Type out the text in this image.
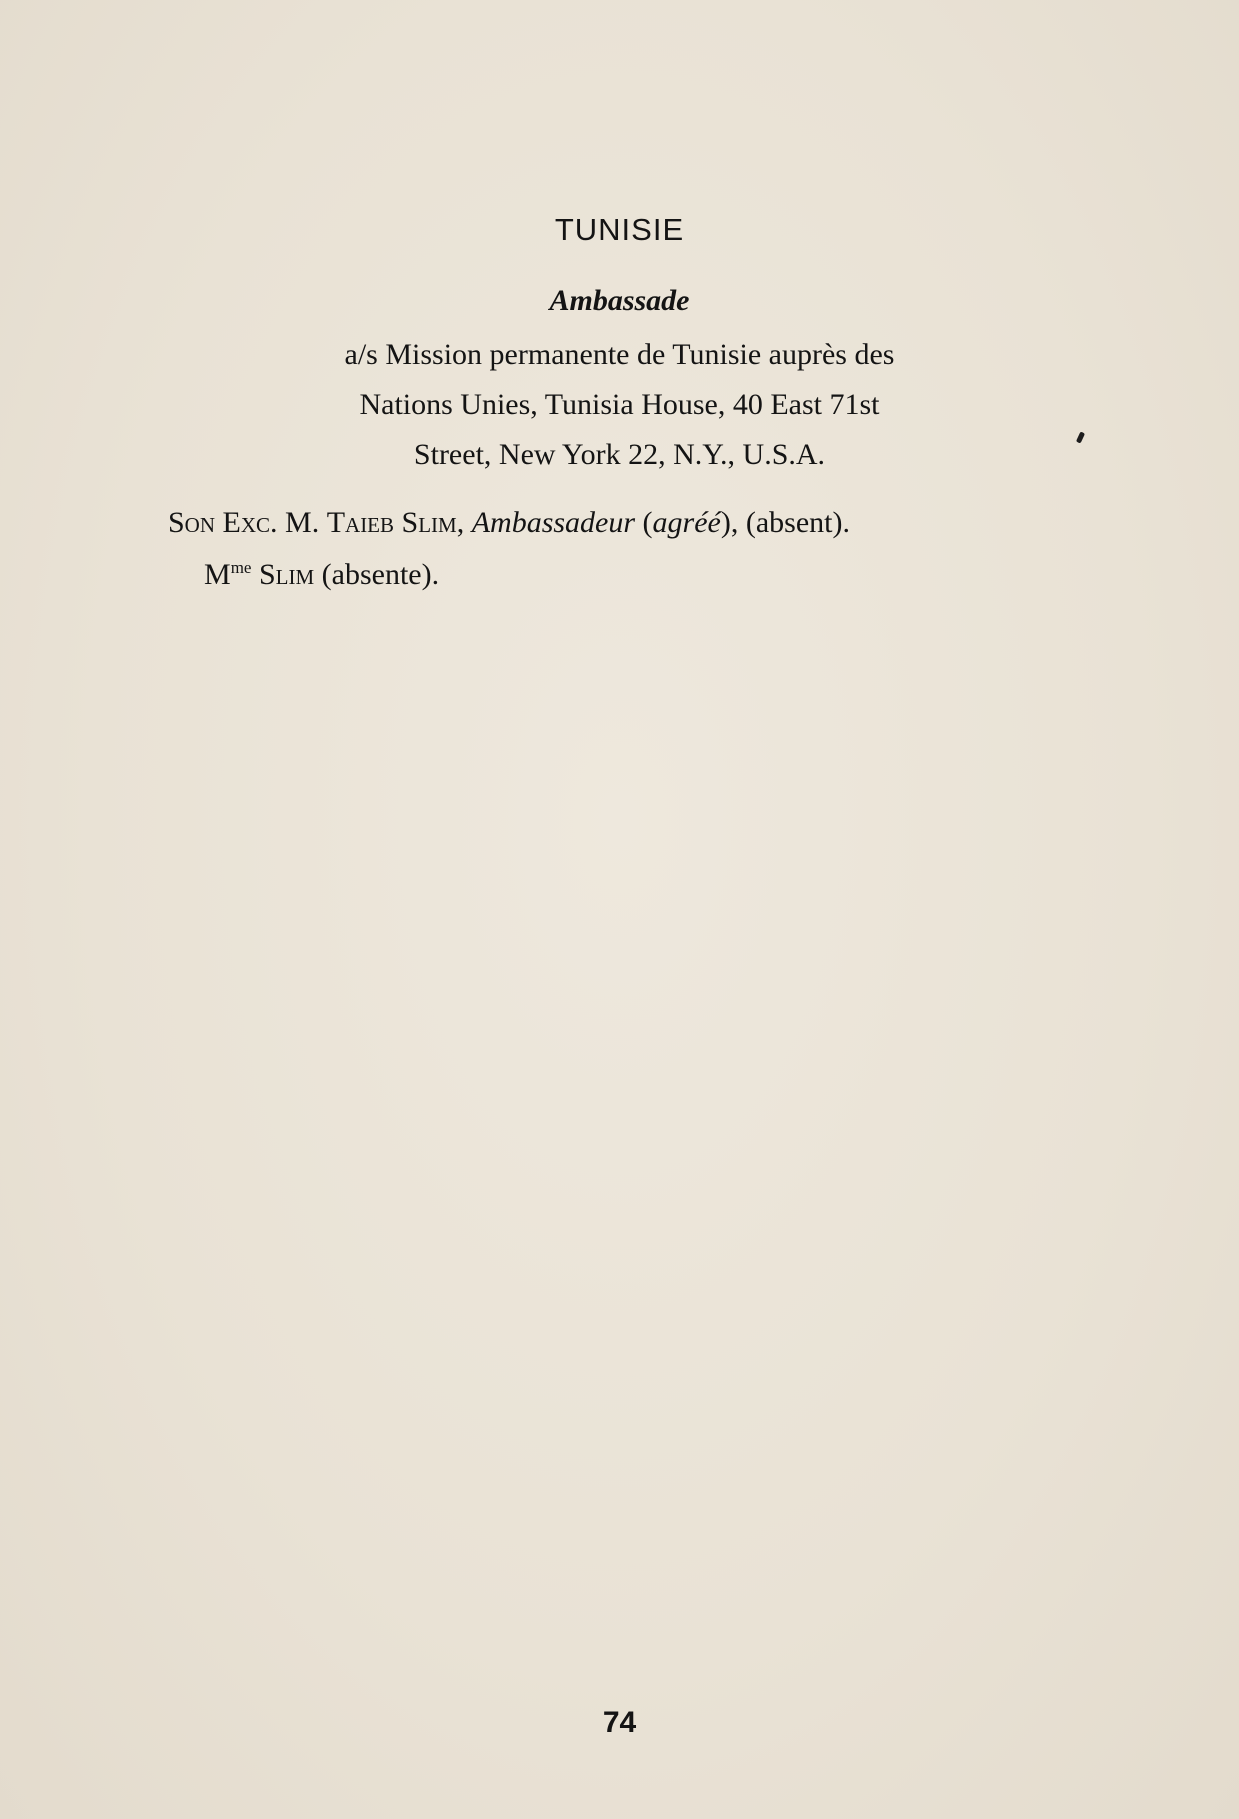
TUNISIE
Ambassade
a/s Mission permanente de Tunisie auprès des
Nations Unies, Tunisia House, 40 East 71st
Street, New York 22, N.Y., U.S.A.
Son Exc. M. Taieb Slim, Ambassadeur (agréé), (absent).
$M^{me}$ Slim (absente).
74
